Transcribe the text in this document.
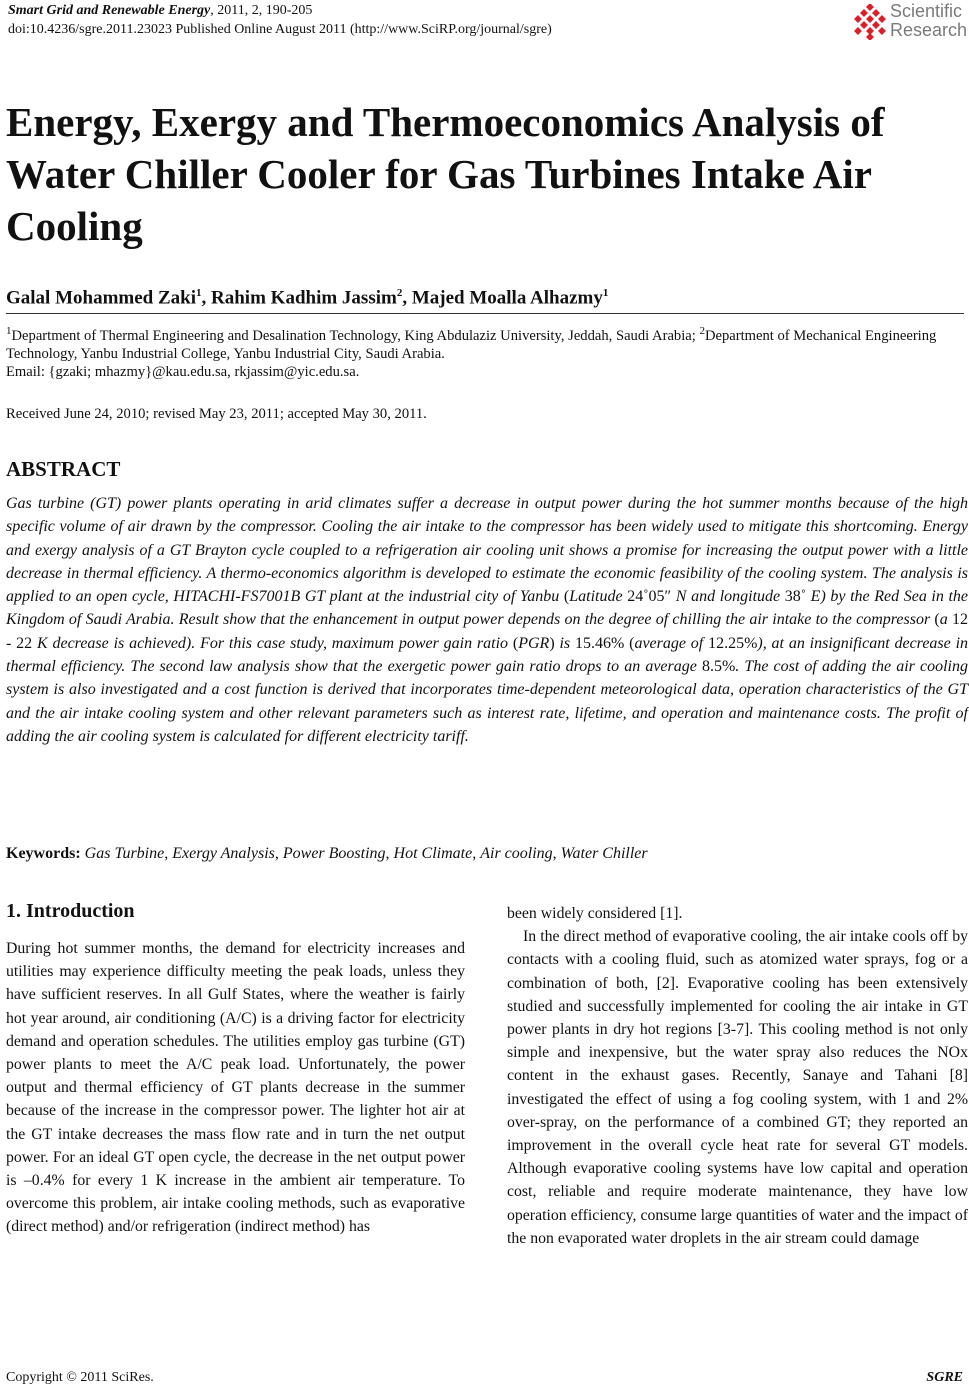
Smart Grid and Renewable Energy, 2011, 2, 190-205
doi:10.4236/sgre.2011.23023 Published Online August 2011 (http://www.SciRP.org/journal/sgre)
Scientific
Research
Energy, Exergy and Thermoeconomics Analysis of Water Chiller Cooler for Gas Turbines Intake Air Cooling
Galal Mohammed Zaki$^1$, Rahim Kadhim Jassim$^2$, Majed Moalla Alhazmy$^1$
$^1$Department of Thermal Engineering and Desalination Technology, King Abdulaziz University, Jeddah, Saudi Arabia; $^2$Department of Mechanical Engineering Technology, Yanbu Industrial College, Yanbu Industrial City, Saudi Arabia.
Email: {gzaki; mhazmy}@kau.edu.sa, rkjassim@yic.edu.sa.
Received June 24, 2010; revised May 23, 2011; accepted May 30, 2011.
ABSTRACT

Gas turbine (GT) power plants operating in arid climates suffer a decrease in output power during the hot summer months because of the high specific volume of air drawn by the compressor. Cooling the air intake to the compressor has been widely used to mitigate this shortcoming. Energy and exergy analysis of a GT Brayton cycle coupled to a refrigeration air cooling unit shows a promise for increasing the output power with a little decrease in thermal efficiency. A thermo-economics algorithm is developed to estimate the economic feasibility of the cooling system. The analysis is applied to an open cycle, HITACHI-FS7001B GT plant at the industrial city of Yanbu (Latitude 24˚05″ N and longitude 38˚ E) by the Red Sea in the Kingdom of Saudi Arabia. Result show that the enhancement in output power depends on the degree of chilling the air intake to the compressor (a 12 - 22 K decrease is achieved). For this case study, maximum power gain ratio (PGR) is 15.46% (average of 12.25%), at an insignificant decrease in thermal efficiency. The second law analysis show that the exergetic power gain ratio drops to an average 8.5%. The cost of adding the air cooling system is also investigated and a cost function is derived that incorporates time-dependent meteorological data, operation characteristics of the GT and the air intake cooling system and other relevant parameters such as interest rate, lifetime, and operation and maintenance costs. The profit of adding the air cooling system is calculated for different electricity tariff.

Keywords: Gas Turbine, Exergy Analysis, Power Boosting, Hot Climate, Air cooling, Water Chiller
1. Introduction

During hot summer months, the demand for electricity increases and utilities may experience difficulty meeting the peak loads, unless they have sufficient reserves. In all Gulf States, where the weather is fairly hot year around, air conditioning (A/C) is a driving factor for electricity demand and operation schedules. The utilities employ gas turbine (GT) power plants to meet the A/C peak load. Unfortunately, the power output and thermal efficiency of GT plants decrease in the summer because of the increase in the compressor power. The lighter hot air at the GT intake decreases the mass flow rate and in turn the net output power. For an ideal GT open cycle, the decrease in the net output power is –0.4% for every 1 K increase in the ambient air temperature. To overcome this problem, air intake cooling methods, such as evaporative (direct method) and/or refrigeration (indirect method) has

been widely considered [1].

In the direct method of evaporative cooling, the air intake cools off by contacts with a cooling fluid, such as atomized water sprays, fog or a combination of both, [2]. Evaporative cooling has been extensively studied and successfully implemented for cooling the air intake in GT power plants in dry hot regions [3-7]. This cooling method is not only simple and inexpensive, but the water spray also reduces the NOx content in the exhaust gases. Recently, Sanaye and Tahani [8] investigated the effect of using a fog cooling system, with 1 and 2% over-spray, on the performance of a combined GT; they reported an improvement in the overall cycle heat rate for several GT models. Although evaporative cooling systems have low capital and operation cost, reliable and require moderate maintenance, they have low operation efficiency, consume large quantities of water and the impact of the non evaporated water droplets in the air stream could damage

Copyright © 2011 SciRes.	SGRE
